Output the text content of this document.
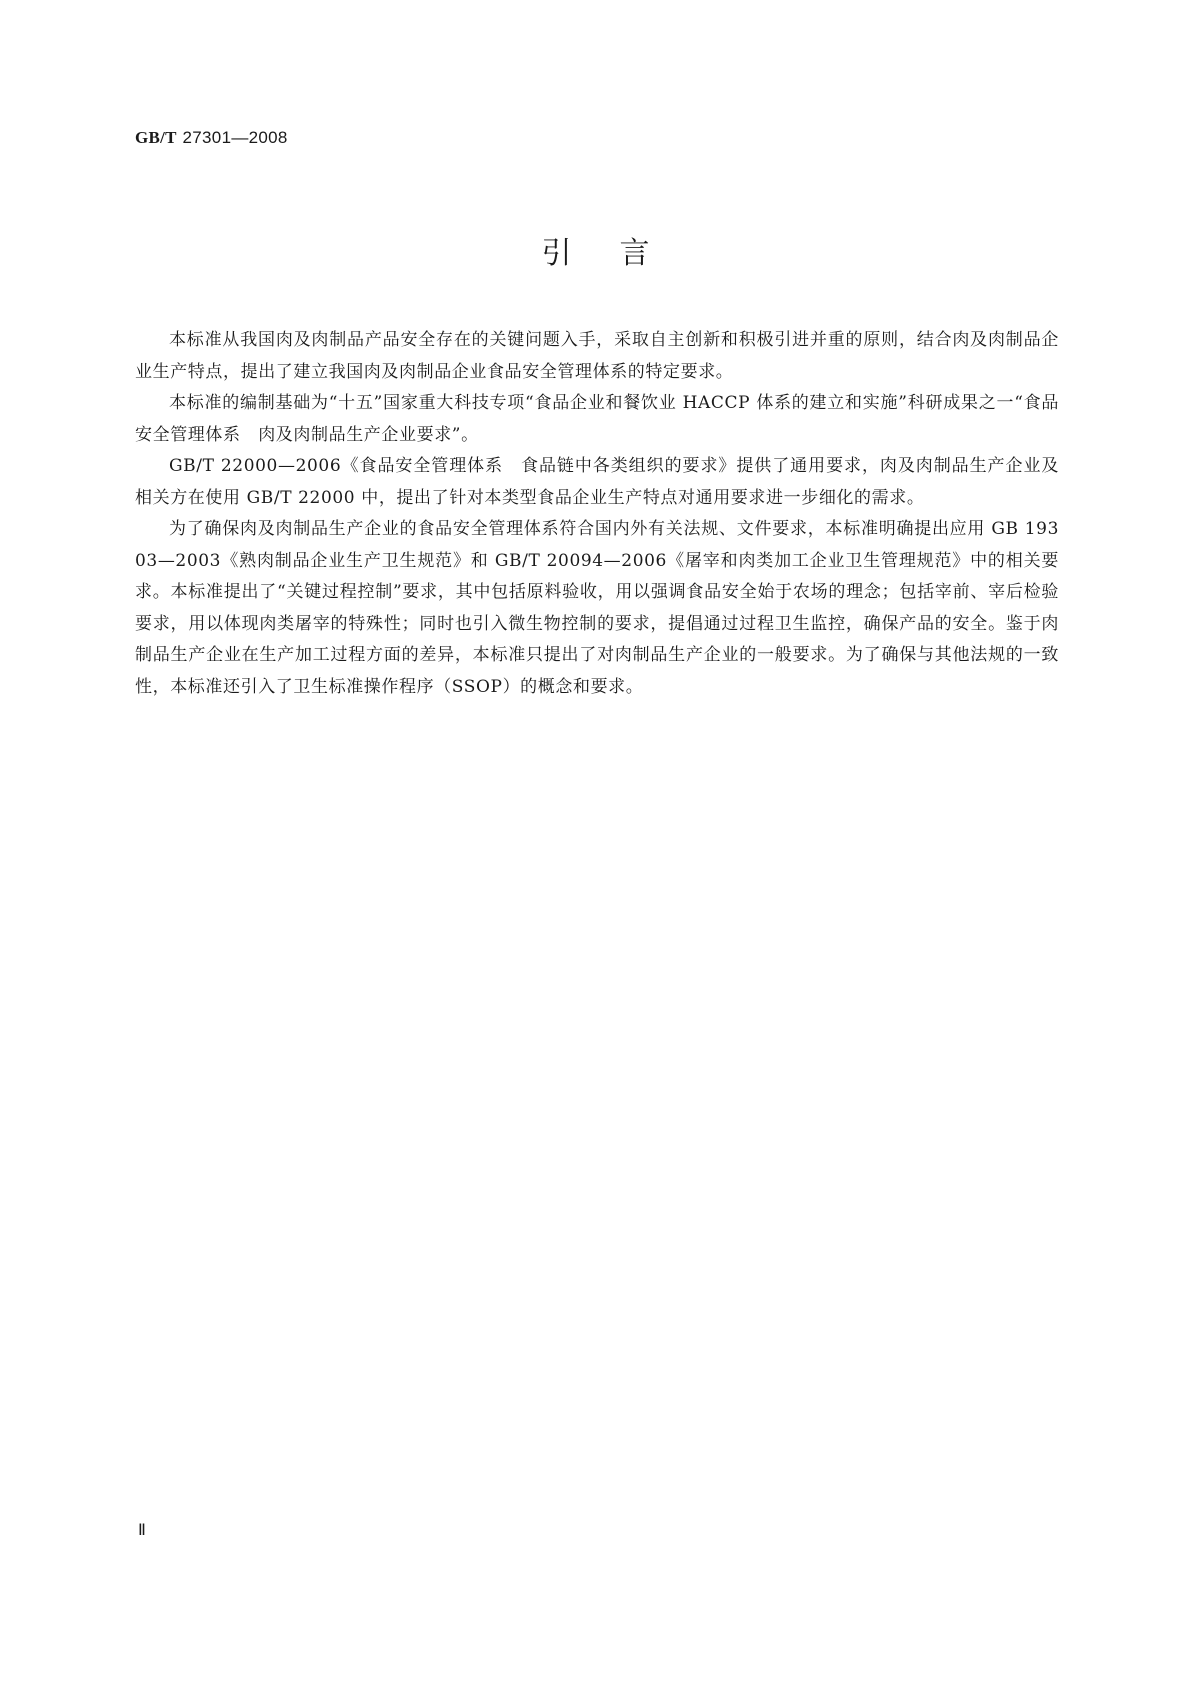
GB/T 27301—2008
引言

本标准从我国肉及肉制品产品安全存在的关键问题入手，采取自主创新和积极引进并重的原则，结合肉及肉制品企业生产特点，提出了建立我国肉及肉制品企业食品安全管理体系的特定要求。

本标准的编制基础为“十五”国家重大科技专项“食品企业和餐饮业 HACCP 体系的建立和实施”科研成果之一“食品安全管理体系　肉及肉制品生产企业要求”。

GB/T 22000—2006《食品安全管理体系　食品链中各类组织的要求》提供了通用要求，肉及肉制品生产企业及相关方在使用 GB/T 22000 中，提出了针对本类型食品企业生产特点对通用要求进一步细化的需求。

为了确保肉及肉制品生产企业的食品安全管理体系符合国内外有关法规、文件要求，本标准明确提出应用 GB 19303—2003《熟肉制品企业生产卫生规范》和 GB/T 20094—2006《屠宰和肉类加工企业卫生管理规范》中的相关要求。本标准提出了“关键过程控制”要求，其中包括原料验收，用以强调食品安全始于农场的理念；包括宰前、宰后检验要求，用以体现肉类屠宰的特殊性；同时也引入微生物控制的要求，提倡通过过程卫生监控，确保产品的安全。鉴于肉制品生产企业在生产加工过程方面的差异，本标准只提出了对肉制品生产企业的一般要求。为了确保与其他法规的一致性，本标准还引入了卫生标准操作程序（SSOP）的概念和要求。

Ⅱ
